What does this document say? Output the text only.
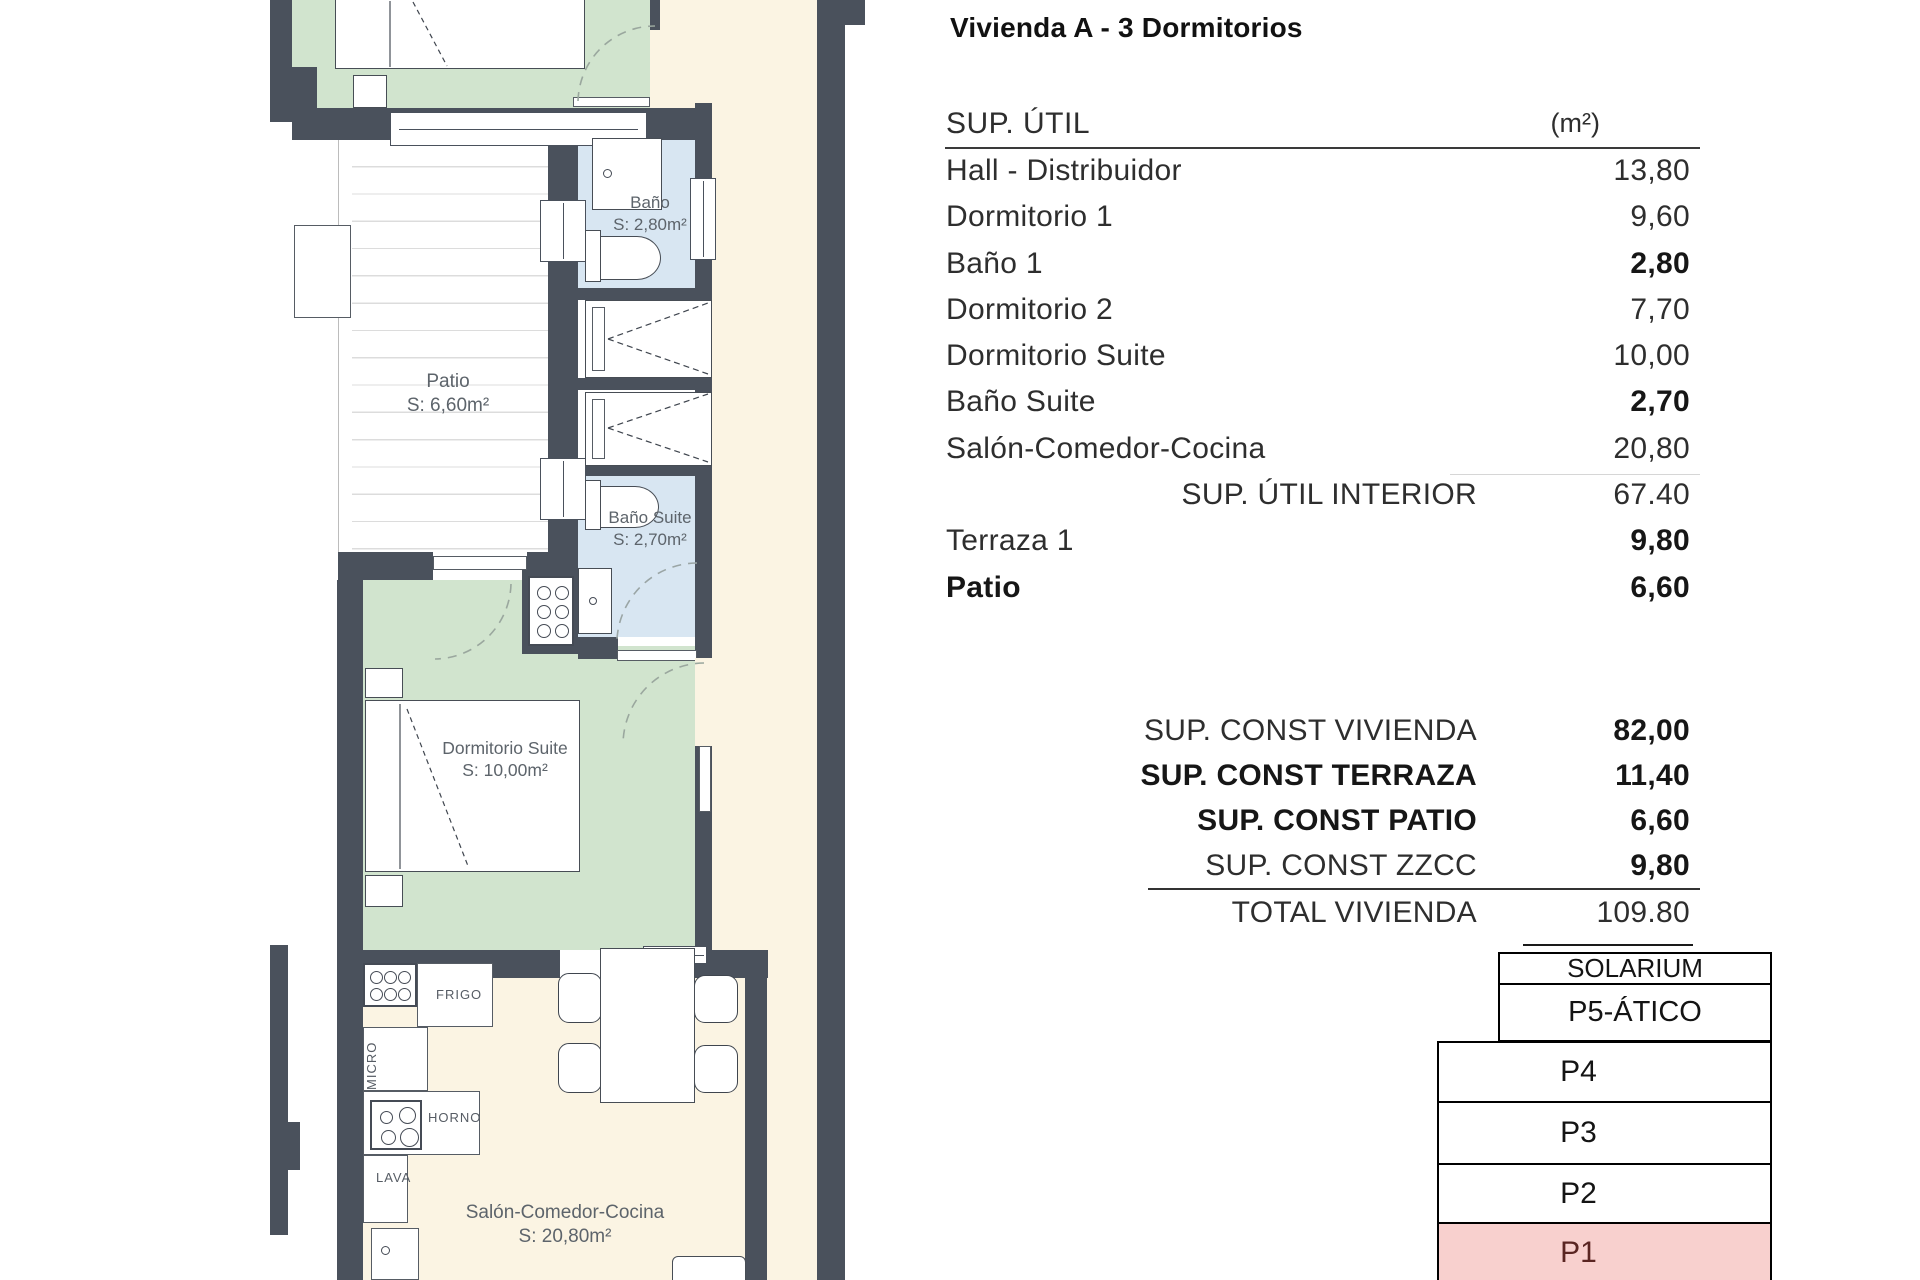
Baño
S: 2,80m²
Patio
S: 6,60m²
Baño Suite
S: 2,70m²
Dormitorio Suite
S: 10,00m²
Salón-Comedor-Cocina
S: 20,80m²
FRIGO
MICRO
HORNO
LAVA
Vivienda A - 3 Dormitorios
SUP. ÚTIL	(m²)
Hall - Distribuidor	13,80
Dormitorio 1	9,60
Baño 1	2,80
Dormitorio 2	7,70
Dormitorio Suite	10,00
Baño Suite	2,70
Salón-Comedor-Cocina	20,80
SUP. ÚTIL INTERIOR	67.40
Terraza 1	9,80
Patio	6,60
SUP. CONST VIVIENDA	82,00
SUP. CONST TERRAZA	11,40
SUP. CONST PATIO	6,60
SUP. CONST ZZCC	9,80
TOTAL VIVIENDA	109.80
SOLARIUM
P5-ÁTICO
P4
P3
P2
P1
